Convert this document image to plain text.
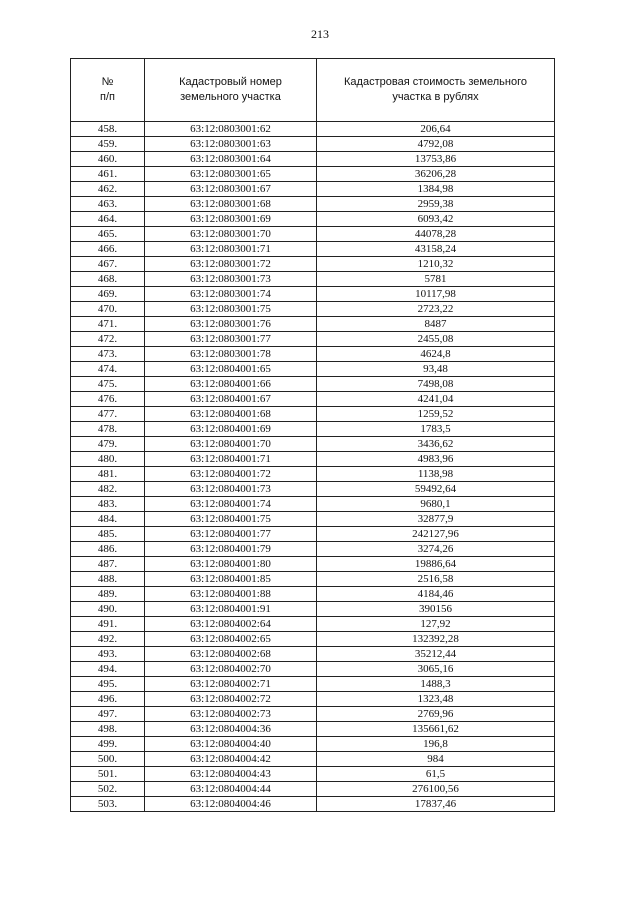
213
№
п/п	Кадастровый номер земельного участка	Кадастровая стоимость земельного участка в рублях
458.	63:12:0803001:62	206,64
459.	63:12:0803001:63	4792,08
460.	63:12:0803001:64	13753,86
461.	63:12:0803001:65	36206,28
462.	63:12:0803001:67	1384,98
463.	63:12:0803001:68	2959,38
464.	63:12:0803001:69	6093,42
465.	63:12:0803001:70	44078,28
466.	63:12:0803001:71	43158,24
467.	63:12:0803001:72	1210,32
468.	63:12:0803001:73	5781
469.	63:12:0803001:74	10117,98
470.	63:12:0803001:75	2723,22
471.	63:12:0803001:76	8487
472.	63:12:0803001:77	2455,08
473.	63:12:0803001:78	4624,8
474.	63:12:0804001:65	93,48
475.	63:12:0804001:66	7498,08
476.	63:12:0804001:67	4241,04
477.	63:12:0804001:68	1259,52
478.	63:12:0804001:69	1783,5
479.	63:12:0804001:70	3436,62
480.	63:12:0804001:71	4983,96
481.	63:12:0804001:72	1138,98
482.	63:12:0804001:73	59492,64
483.	63:12:0804001:74	9680,1
484.	63:12:0804001:75	32877,9
485.	63:12:0804001:77	242127,96
486.	63:12:0804001:79	3274,26
487.	63:12:0804001:80	19886,64
488.	63:12:0804001:85	2516,58
489.	63:12:0804001:88	4184,46
490.	63:12:0804001:91	390156
491.	63:12:0804002:64	127,92
492.	63:12:0804002:65	132392,28
493.	63:12:0804002:68	35212,44
494.	63:12:0804002:70	3065,16
495.	63:12:0804002:71	1488,3
496.	63:12:0804002:72	1323,48
497.	63:12:0804002:73	2769,96
498.	63:12:0804004:36	135661,62
499.	63:12:0804004:40	196,8
500.	63:12:0804004:42	984
501.	63:12:0804004:43	61,5
502.	63:12:0804004:44	276100,56
503.	63:12:0804004:46	17837,46
